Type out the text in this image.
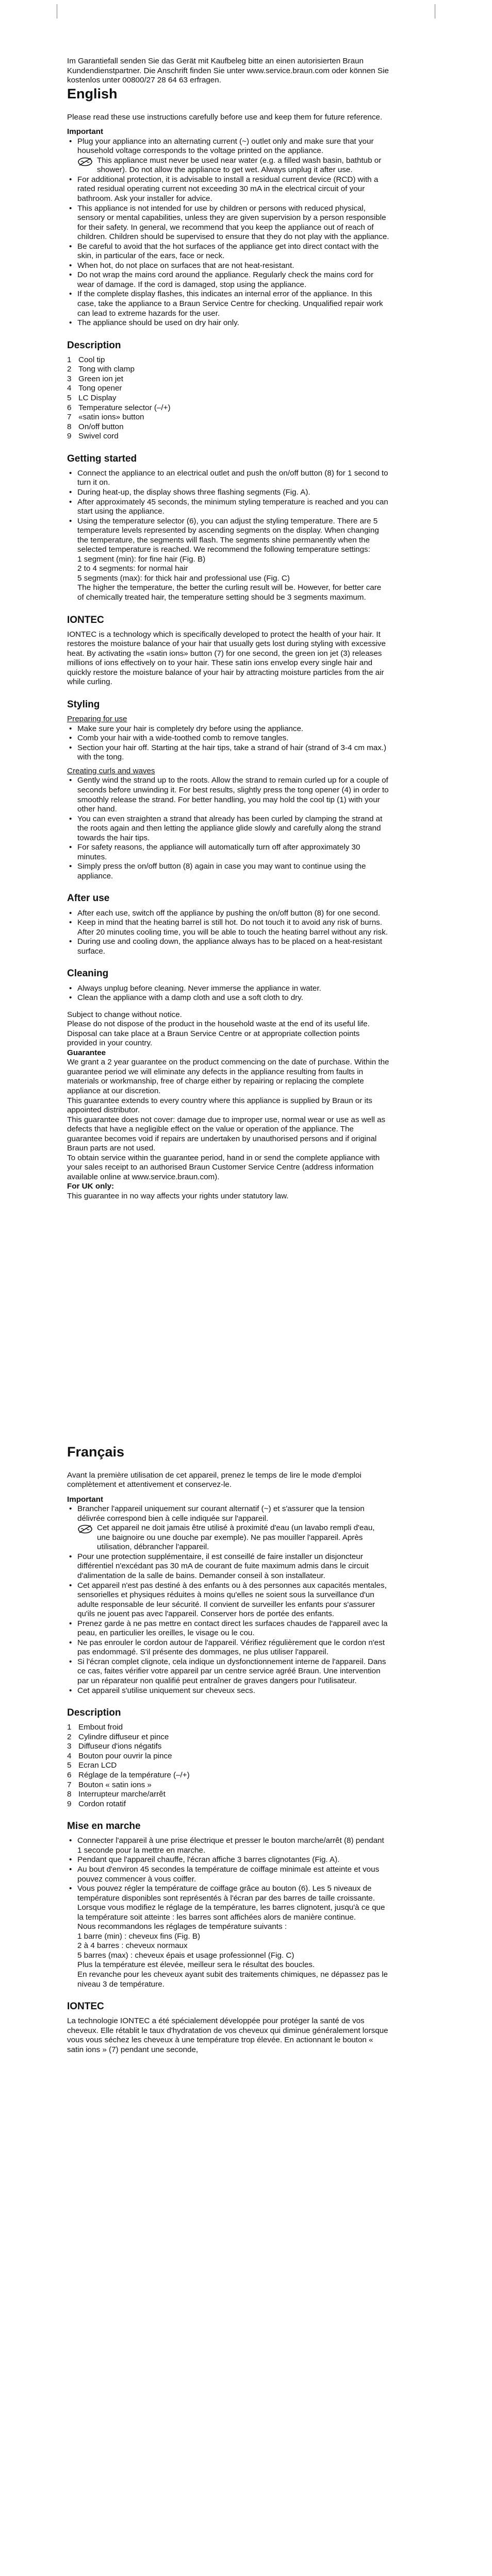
Im Garantiefall senden Sie das Gerät mit Kaufbeleg bitte an einen autorisierten Braun Kundendienstpartner. Die Anschrift finden Sie unter www.service.braun.com oder können Sie kostenlos unter 00800/27 28 64 63 erfragen.

English

Please read these use instructions carefully before use and keep them for future reference.

Important
• Plug your appliance into an alternating current (~) outlet only and make sure that your household voltage corresponds to the voltage printed on the appliance.
This appliance must never be used near water (e.g. a filled wash basin, bathtub or shower). Do not allow the appliance to get wet. Always unplug it after use.
• For additional protection, it is advisable to install a residual current device (RCD) with a rated residual operating current not exceeding 30 mA in the electrical circuit of your bathroom. Ask your installer for advice.
• This appliance is not intended for use by children or persons with reduced physical, sensory or mental capabilities, unless they are given supervision by a person responsible for their safety. In general, we recommend that you keep the appliance out of reach of children. Children should be supervised to ensure that they do not play with the appliance.
• Be careful to avoid that the hot surfaces of the appliance get into direct contact with the skin, in particular of the ears, face or neck.
• When hot, do not place on surfaces that are not heat-resistant.
• Do not wrap the mains cord around the appliance. Regularly check the mains cord for wear of damage. If the cord is damaged, stop using the appliance.
• If the complete display flashes, this indicates an internal error of the appliance. In this case, take the appliance to a Braun Service Centre for checking. Unqualified repair work can lead to extreme hazards for the user.
• The appliance should be used on dry hair only.
Description
1 Cool tip
2 Tong with clamp
3 Green ion jet
4 Tong opener
5 LC Display
6 Temperature selector (–/+)
7 «satin ions» button
8 On/off button
9 Swivel cord
Getting started
• Connect the appliance to an electrical outlet and push the on/off button (8) for 1 second to turn it on.
• During heat-up, the display shows three flashing segments (Fig. A).
• After approximately 45 seconds, the minimum styling temperature is reached and you can start using the appliance.
• Using the temperature selector (6), you can adjust the styling temperature. There are 5 temperature levels represented by ascending segments on the display. When changing the temperature, the segments will flash. The segments shine permanently when the selected temperature is reached. We recommend the following temperature settings:
1 segment (min): for fine hair (Fig. B)
2 to 4 segments: for normal hair
5 segments (max): for thick hair and professional use (Fig. C)
The higher the temperature, the better the curling result will be. However, for better care of chemically treated hair, the temperature setting should be 3 segments maximum.
IONTEC

IONTEC is a technology which is specifically developed to protect the health of your hair. It restores the moisture balance of your hair that usually gets lost during styling with excessive heat. By activating the «satin ions» button (7) for one second, the green ion jet (3) releases millions of ions effectively on to your hair. These satin ions envelop every single hair and quickly restore the moisture balance of your hair by attracting moisture particles from the air while curling.

Styling
Preparing for use
• Make sure your hair is completely dry before using the appliance.
• Comb your hair with a wide-toothed comb to remove tangles.
• Section your hair off. Starting at the hair tips, take a strand of hair (strand of 3-4 cm max.) with the tong.
Creating curls and waves
• Gently wind the strand up to the roots. Allow the strand to remain curled up for a couple of seconds before unwinding it. For best results, slightly press the tong opener (4) in order to smoothly release the strand. For better handling, you may hold the cool tip (1) with your other hand.
• You can even straighten a strand that already has been curled by clamping the strand at the roots again and then letting the appliance glide slowly and carefully along the strand towards the hair tips.
• For safety reasons, the appliance will automatically turn off after approximately 30 minutes.
• Simply press the on/off button (8) again in case you may want to continue using the appliance.
After use
• After each use, switch off the appliance by pushing the on/off button (8) for one second.
• Keep in mind that the heating barrel is still hot. Do not touch it to avoid any risk of burns. After 20 minutes cooling time, you will be able to touch the heating barrel without any risk.
• During use and cooling down, the appliance always has to be placed on a heat-resistant surface.
Cleaning
• Always unplug before cleaning. Never immerse the appliance in water.
• Clean the appliance with a damp cloth and use a soft cloth to dry.

Subject to change without notice.

Please do not dispose of the product in the household waste at the end of its useful life. Disposal can take place at a Braun Service Centre or at appropriate collection points provided in your country.

Guarantee

We grant a 2 year guarantee on the product commencing on the date of purchase. Within the guarantee period we will eliminate any defects in the appliance resulting from faults in materials or workmanship, free of charge either by repairing or replacing the complete appliance at our discretion.

This guarantee extends to every country where this appliance is supplied by Braun or its appointed distributor.

This guarantee does not cover: damage due to improper use, normal wear or use as well as defects that have a negligible effect on the value or operation of the appliance. The guarantee becomes void if repairs are undertaken by unauthorised persons and if original Braun parts are not used.

To obtain service within the guarantee period, hand in or send the complete appliance with your sales receipt to an authorised Braun Customer Service Centre (address information available online at www.service.braun.com).

For UK only:

This guarantee in no way affects your rights under statutory law.

Français

Avant la première utilisation de cet appareil, prenez le temps de lire le mode d'emploi complètement et attentivement et conservez-le.

Important
• Brancher l'appareil uniquement sur courant alternatif (~) et s'assurer que la tension délivrée correspond bien à celle indiquée sur l'appareil.
Cet appareil ne doit jamais être utilisé à proximité d'eau (un lavabo rempli d'eau, une baignoire ou une douche par exemple). Ne pas mouiller l'appareil. Après utilisation, débrancher l'appareil.
• Pour une protection supplémentaire, il est conseillé de faire installer un disjoncteur différentiel n'excédant pas 30 mA de courant de fuite maximum admis dans le circuit d'alimentation de la salle de bains. Demander conseil à son installateur.
• Cet appareil n'est pas destiné à des enfants ou à des personnes aux capacités mentales, sensorielles et physiques réduites à moins qu'elles ne soient sous la surveillance d'un adulte responsable de leur sécurité. Il convient de surveiller les enfants pour s'assurer qu'ils ne jouent pas avec l'appareil. Conserver hors de portée des enfants.
• Prenez garde à ne pas mettre en contact direct les surfaces chaudes de l'appareil avec la peau, en particulier les oreilles, le visage ou le cou.
• Ne pas enrouler le cordon autour de l'appareil. Vérifiez régulièrement que le cordon n'est pas endommagé. S'il présente des dommages, ne plus utiliser l'appareil.
• Si l'écran complet clignote, cela indique un dysfonctionnement interne de l'appareil. Dans ce cas, faites vérifier votre appareil par un centre service agréé Braun. Une intervention par un réparateur non qualifié peut entraîner de graves dangers pour l'utilisateur.
• Cet appareil s'utilise uniquement sur cheveux secs.
Description
1 Embout froid
2 Cylindre diffuseur et pince
3 Diffuseur d'ions négatifs
4 Bouton pour ouvrir la pince
5 Ecran LCD
6 Réglage de la température (–/+)
7 Bouton « satin ions »
8 Interrupteur marche/arrêt
9 Cordon rotatif
Mise en marche
• Connecter l'appareil à une prise électrique et presser le bouton marche/arrêt (8) pendant 1 seconde pour la mettre en marche.
• Pendant que l'appareil chauffe, l'écran affiche 3 barres clignotantes (Fig. A).
• Au bout d'environ 45 secondes la température de coiffage minimale est atteinte et vous pouvez commencer à vous coiffer.
• Vous pouvez régler la température de coiffage grâce au bouton (6). Les 5 niveaux de température disponibles sont représentés à l'écran par des barres de taille croissante. Lorsque vous modifiez le réglage de la température, les barres clignotent, jusqu'à ce que la température soit atteinte : les barres sont affichées alors de manière continue.
Nous recommandons les réglages de température suivants :
1 barre (min) : cheveux fins (Fig. B)
2 à 4 barres : cheveux normaux
5 barres (max) : cheveux épais et usage professionnel (Fig. C)
Plus la température est élevée, meilleur sera le résultat des boucles.
En revanche pour les cheveux ayant subit des traitements chimiques, ne dépassez pas le niveau 3 de température.
IONTEC

La technologie IONTEC a été spécialement développée pour protéger la santé de vos cheveux. Elle rétablit le taux d'hydratation de vos cheveux qui diminue généralement lorsque vous vous séchez les cheveux à une température trop élevée. En actionnant le bouton « satin ions » (7) pendant une seconde,
